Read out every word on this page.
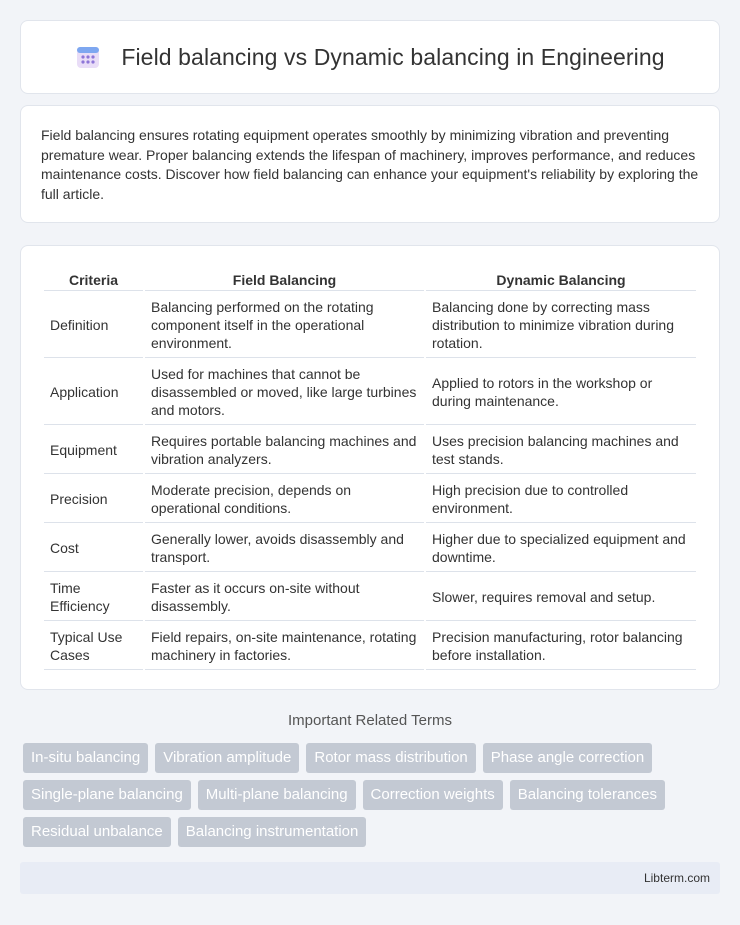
Field balancing vs Dynamic balancing in Engineering

Field balancing ensures rotating equipment operates smoothly by minimizing vibration and preventing premature wear. Proper balancing extends the lifespan of machinery, improves performance, and reduces maintenance costs. Discover how field balancing can enhance your equipment's reliability by exploring the full article.

Criteria	Field Balancing	Dynamic Balancing
Definition	Balancing performed on the rotating component itself in the operational environment.	Balancing done by correcting mass distribution to minimize vibration during rotation.
Application	Used for machines that cannot be disassembled or moved, like large turbines and motors.	Applied to rotors in the workshop or during maintenance.
Equipment	Requires portable balancing machines and vibration analyzers.	Uses precision balancing machines and test stands.
Precision	Moderate precision, depends on operational conditions.	High precision due to controlled environment.
Cost	Generally lower, avoids disassembly and transport.	Higher due to specialized equipment and downtime.
Time Efficiency	Faster as it occurs on-site without disassembly.	Slower, requires removal and setup.
Typical Use Cases	Field repairs, on-site maintenance, rotating machinery in factories.	Precision manufacturing, rotor balancing before installation.
Important Related Terms
In-situ balancing	Vibration amplitude	Rotor mass distribution	Phase angle correction
Single-plane balancing	Multi-plane balancing	Correction weights	Balancing tolerances
Residual unbalance	Balancing instrumentation
Libterm.com
